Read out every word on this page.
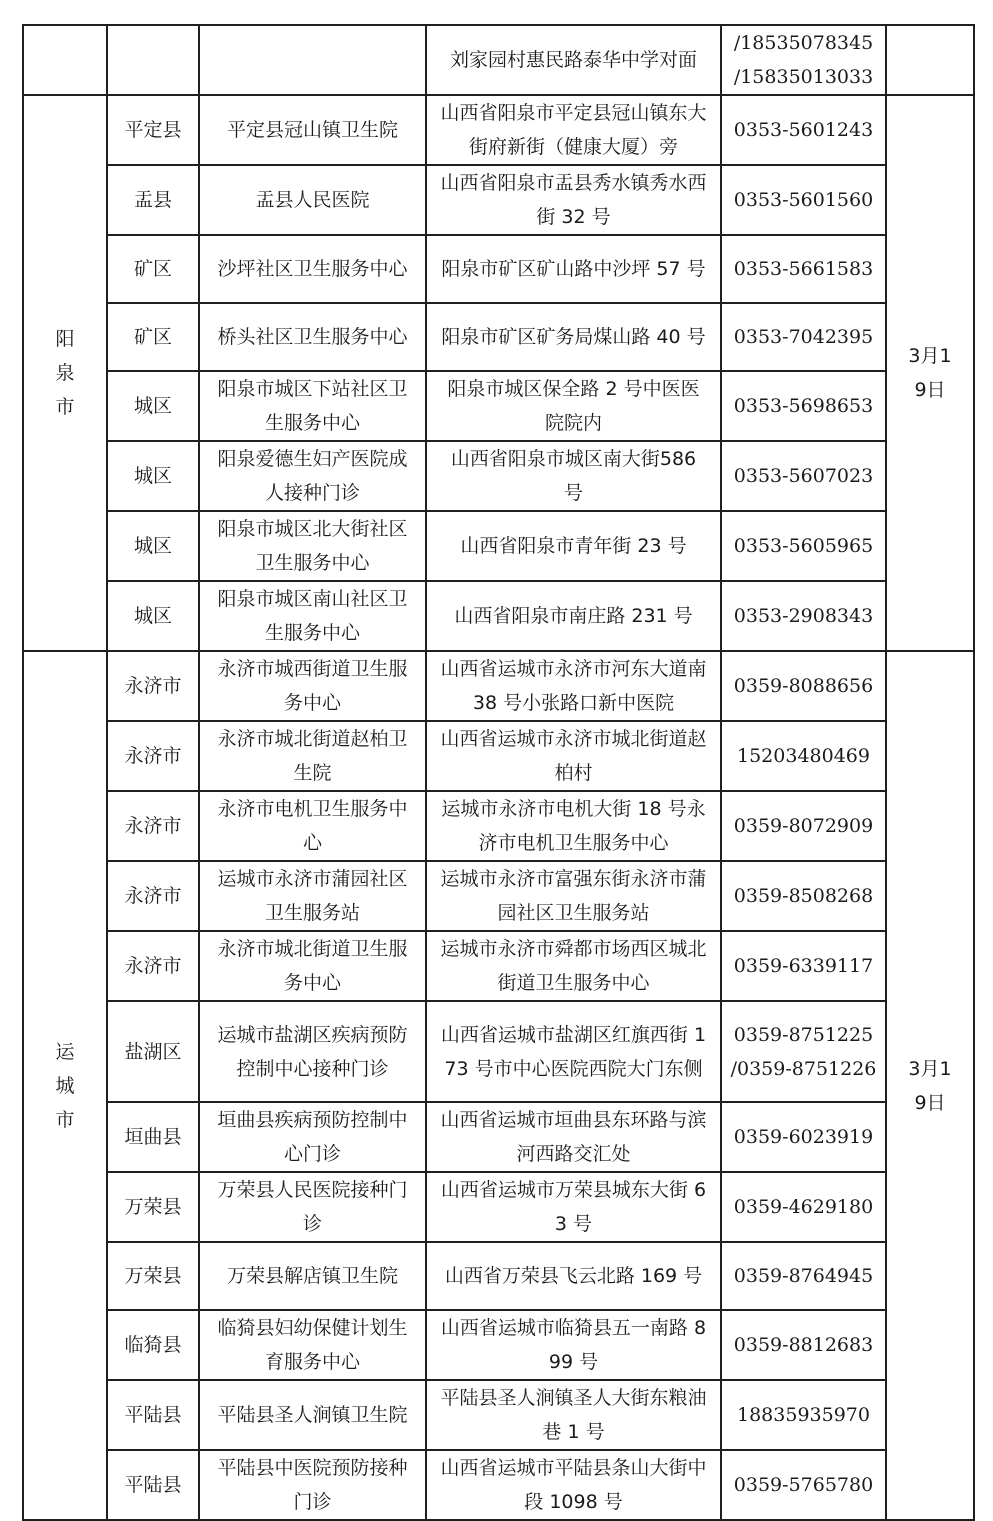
			刘家园村惠民路泰华中学对面	/18535078345
/15835013033	

阳泉市	平定县	平定县冠山镇卫生院	山西省阳泉市平定县冠山镇东大街府新街（健康大厦）旁	0353-5601243	3月19日
	盂县	盂县人民医院	山西省阳泉市盂县秀水镇秀水西街 32 号	0353-5601560	
	矿区	沙坪社区卫生服务中心	阳泉市矿区矿山路中沙坪 57 号	0353-5661583	
	矿区	桥头社区卫生服务中心	阳泉市矿区矿务局煤山路 40 号	0353-7042395	
	城区	阳泉市城区下站社区卫生服务中心	阳泉市城区保全路 2 号中医医院院内	0353-5698653	
	城区	阳泉爱德生妇产医院成人接种门诊	山西省阳泉市城区南大街586 号	0353-5607023	
	城区	阳泉市城区北大街社区卫生服务中心	山西省阳泉市青年街 23 号	0353-5605965	
	城区	阳泉市城区南山社区卫生服务中心	山西省阳泉市南庄路 231 号	0353-2908343	
运城市	永济市	永济市城西街道卫生服务中心	山西省运城市永济市河东大道南 38 号小张路口新中医院	0359-8088656	3月19日
	永济市	永济市城北街道赵柏卫生院	山西省运城市永济市城北街道赵柏村	15203480469	
	永济市	永济市电机卫生服务中心	运城市永济市电机大街 18 号永济市电机卫生服务中心	0359-8072909	
	永济市	运城市永济市蒲园社区卫生服务站	运城市永济市富强东街永济市蒲园社区卫生服务站	0359-8508268	
	永济市	永济市城北街道卫生服务中心	运城市永济市舜都市场西区城北街道卫生服务中心	0359-6339117	
	盐湖区	运城市盐湖区疾病预防控制中心接种门诊	山西省运城市盐湖区红旗西街 173 号市中心医院西院大门东侧	0359-8751225
/0359-8751226	

	垣曲县	垣曲县疾病预防控制中心门诊	山西省运城市垣曲县东环路与滨河西路交汇处	0359-6023919	
	万荣县	万荣县人民医院接种门诊	山西省运城市万荣县城东大街 63 号	0359-4629180	
	万荣县	万荣县解店镇卫生院	山西省万荣县飞云北路 169 号	0359-8764945	
	临猗县	临猗县妇幼保健计划生育服务中心	山西省运城市临猗县五一南路 899 号	0359-8812683	
	平陆县	平陆县圣人涧镇卫生院	平陆县圣人涧镇圣人大街东粮油巷 1 号	18835935970	
	平陆县	平陆县中医院预防接种门诊	山西省运城市平陆县条山大街中段 1098 号	0359-5765780	
